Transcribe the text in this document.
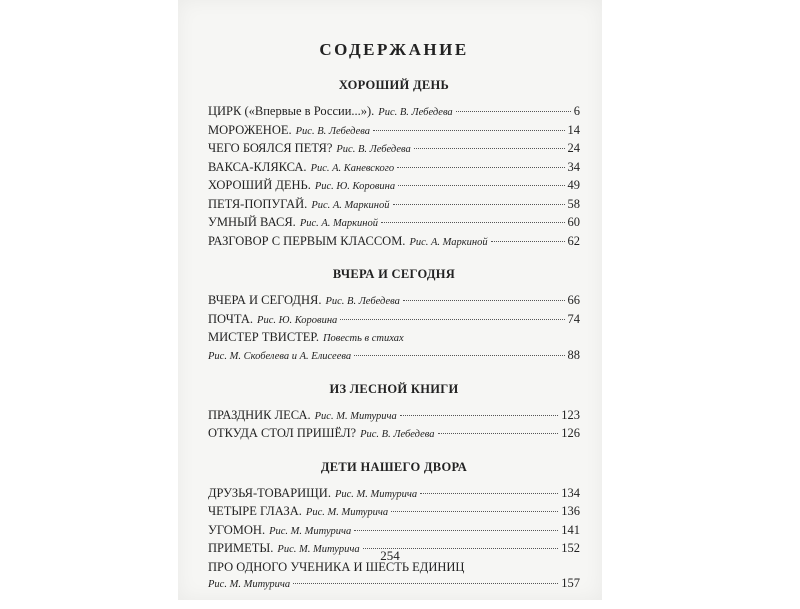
СОДЕРЖАНИЕ
ХОРОШИЙ ДЕНЬ
ЦИРК («Впервые в России...»). Рис. В. Лебедева	6
МОРОЖЕНОЕ. Рис. В. Лебедева	14
ЧЕГО БОЯЛСЯ ПЕТЯ? Рис. В. Лебедева	24
ВАКСА-КЛЯКСА. Рис. А. Каневского	34
ХОРОШИЙ ДЕНЬ. Рис. Ю. Коровина	49
ПЕТЯ-ПОПУГАЙ. Рис. А. Маркиной	58
УМНЫЙ ВАСЯ. Рис. А. Маркиной	60
РАЗГОВОР С ПЕРВЫМ КЛАССОМ. Рис. А. Маркиной	62
ВЧЕРА И СЕГОДНЯ
ВЧЕРА И СЕГОДНЯ. Рис. В. Лебедева	66
ПОЧТА. Рис. Ю. Коровина	74
МИСТЕР ТВИСТЕР. Повесть в стихах
Рис. М. Скобелева и А. Елисеева	88
ИЗ ЛЕСНОЙ КНИГИ
ПРАЗДНИК ЛЕСА. Рис. М. Митурича	123
ОТКУДА СТОЛ ПРИШЁЛ? Рис. В. Лебедева	126
ДЕТИ НАШЕГО ДВОРА
ДРУЗЬЯ-ТОВАРИЩИ. Рис. М. Митурича	134
ЧЕТЫРЕ ГЛАЗА. Рис. М. Митурича	136
УГОМОН. Рис. М. Митурича	141
ПРИМЕТЫ. Рис. М. Митурича	152
ПРО ОДНОГО УЧЕНИКА И ШЕСТЬ ЕДИНИЦ
Рис. М. Митурича	157
254
